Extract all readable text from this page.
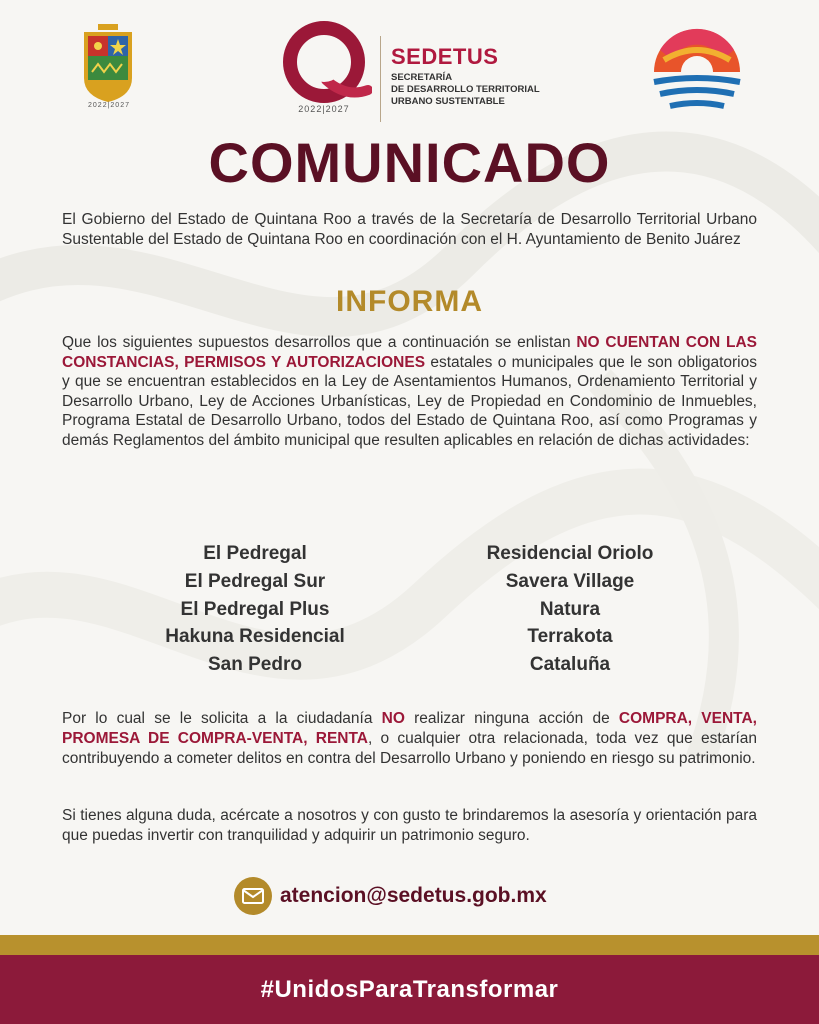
2022|2027	2022|2027
SEDETUS
SECRETARÍA
DE DESARROLLO TERRITORIAL
URBANO SUSTENTABLE
COMUNICADO
El Gobierno del Estado de Quintana Roo a través de la Secretaría de Desarrollo Territorial Urbano Sustentable del Estado de Quintana Roo en coordinación con el H. Ayuntamiento de Benito Juárez
INFORMA
Que los siguientes supuestos desarrollos que a continuación se enlistan NO CUENTAN CON LAS CONSTANCIAS, PERMISOS Y AUTORIZACIONES estatales o municipales que le son obligatorios y que se encuentran establecidos en la Ley de Asentamientos Humanos, Ordenamiento Territorial y Desarrollo Urbano, Ley de Acciones Urbanísticas, Ley de Propiedad en Condominio de Inmuebles, Programa Estatal de Desarrollo Urbano, todos del Estado de Quintana Roo, así como Programas y demás Reglamentos del ámbito municipal que resulten aplicables en relación de dichas actividades:
El Pedregal
El Pedregal Sur
El Pedregal Plus
Hakuna Residencial
San Pedro
Residencial Oriolo
Savera Village
Natura
Terrakota
Cataluña
Por lo cual se le solicita a la ciudadanía NO realizar ninguna acción de COMPRA, VENTA, PROMESA DE COMPRA-VENTA, RENTA, o cualquier otra relacionada, toda vez que estarían contribuyendo a cometer delitos en contra del Desarrollo Urbano y poniendo en riesgo su patrimonio.
Si tienes alguna duda, acércate a nosotros y con gusto te brindaremos la asesoría y orientación para que puedas invertir con tranquilidad y adquirir un patrimonio seguro.
atencion@sedetus.gob.mx
#UnidosParaTransformar
